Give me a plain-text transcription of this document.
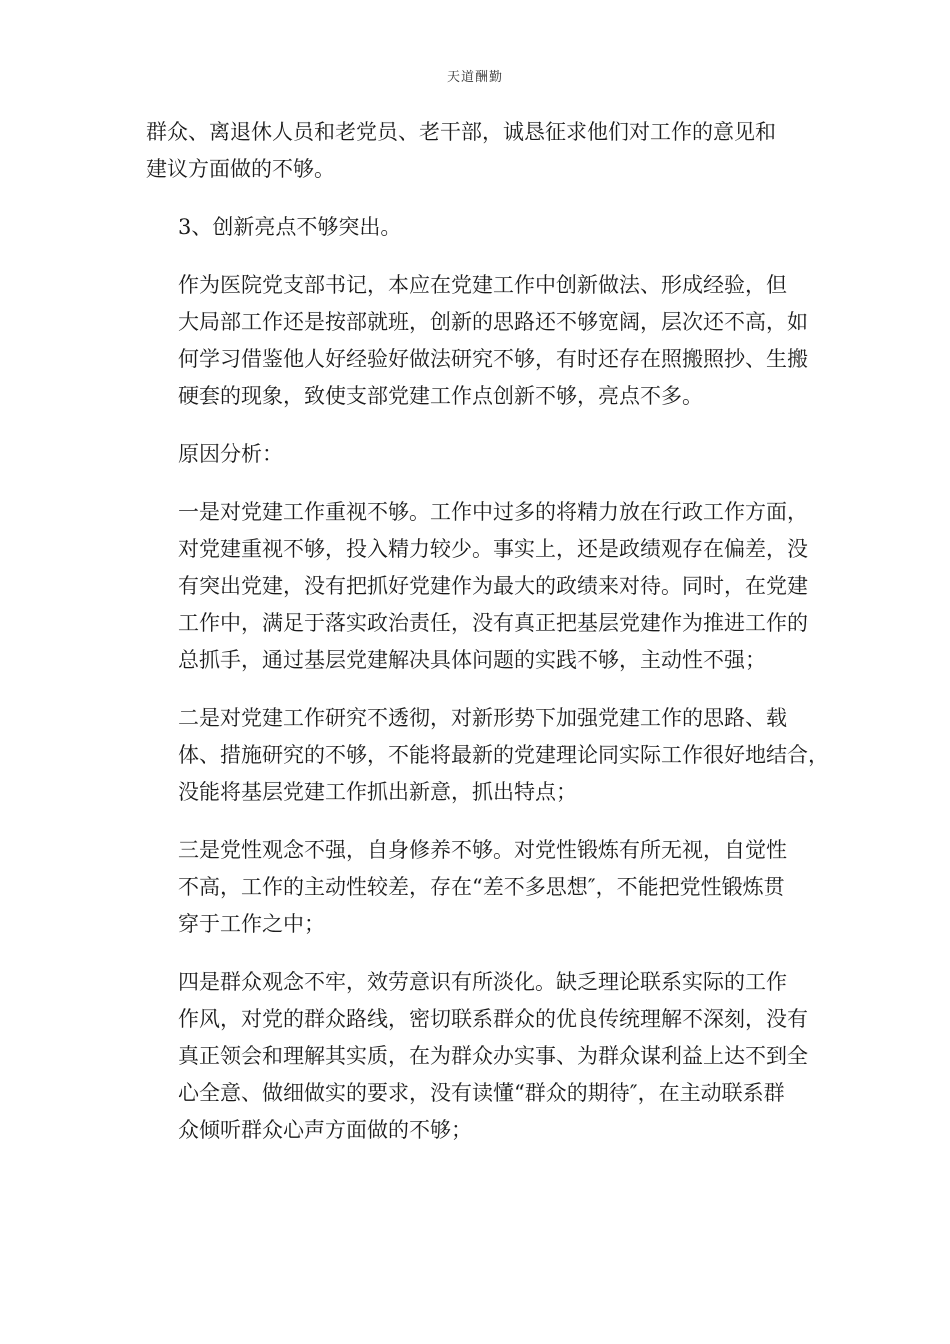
天道酬勤
群众、离退休人员和老党员、老干部，诚恳征求他们对工作的意见和
建议方面做的不够。
3、创新亮点不够突出。
作为医院党支部书记，本应在党建工作中创新做法、形成经验，但
大局部工作还是按部就班，创新的思路还不够宽阔，层次还不高，如
何学习借鉴他人好经验好做法研究不够，有时还存在照搬照抄、生搬
硬套的现象，致使支部党建工作点创新不够，亮点不多。
原因分析：
一是对党建工作重视不够。工作中过多的将精力放在行政工作方面，
对党建重视不够，投入精力较少。事实上，还是政绩观存在偏差，没
有突出党建，没有把抓好党建作为最大的政绩来对待。同时，在党建
工作中，满足于落实政治责任，没有真正把基层党建作为推进工作的
总抓手，通过基层党建解决具体问题的实践不够，主动性不强；
二是对党建工作研究不透彻，对新形势下加强党建工作的思路、载
体、措施研究的不够，不能将最新的党建理论同实际工作很好地结合，
没能将基层党建工作抓出新意，抓出特点；
三是党性观念不强，自身修养不够。对党性锻炼有所无视，自觉性
不高，工作的主动性较差，存在“差不多思想″，不能把党性锻炼贯
穿于工作之中；
四是群众观念不牢，效劳意识有所淡化。缺乏理论联系实际的工作
作风，对党的群众路线，密切联系群众的优良传统理解不深刻，没有
真正领会和理解其实质，在为群众办实事、为群众谋利益上达不到全
心全意、做细做实的要求，没有读懂“群众的期待″，在主动联系群
众倾听群众心声方面做的不够；
